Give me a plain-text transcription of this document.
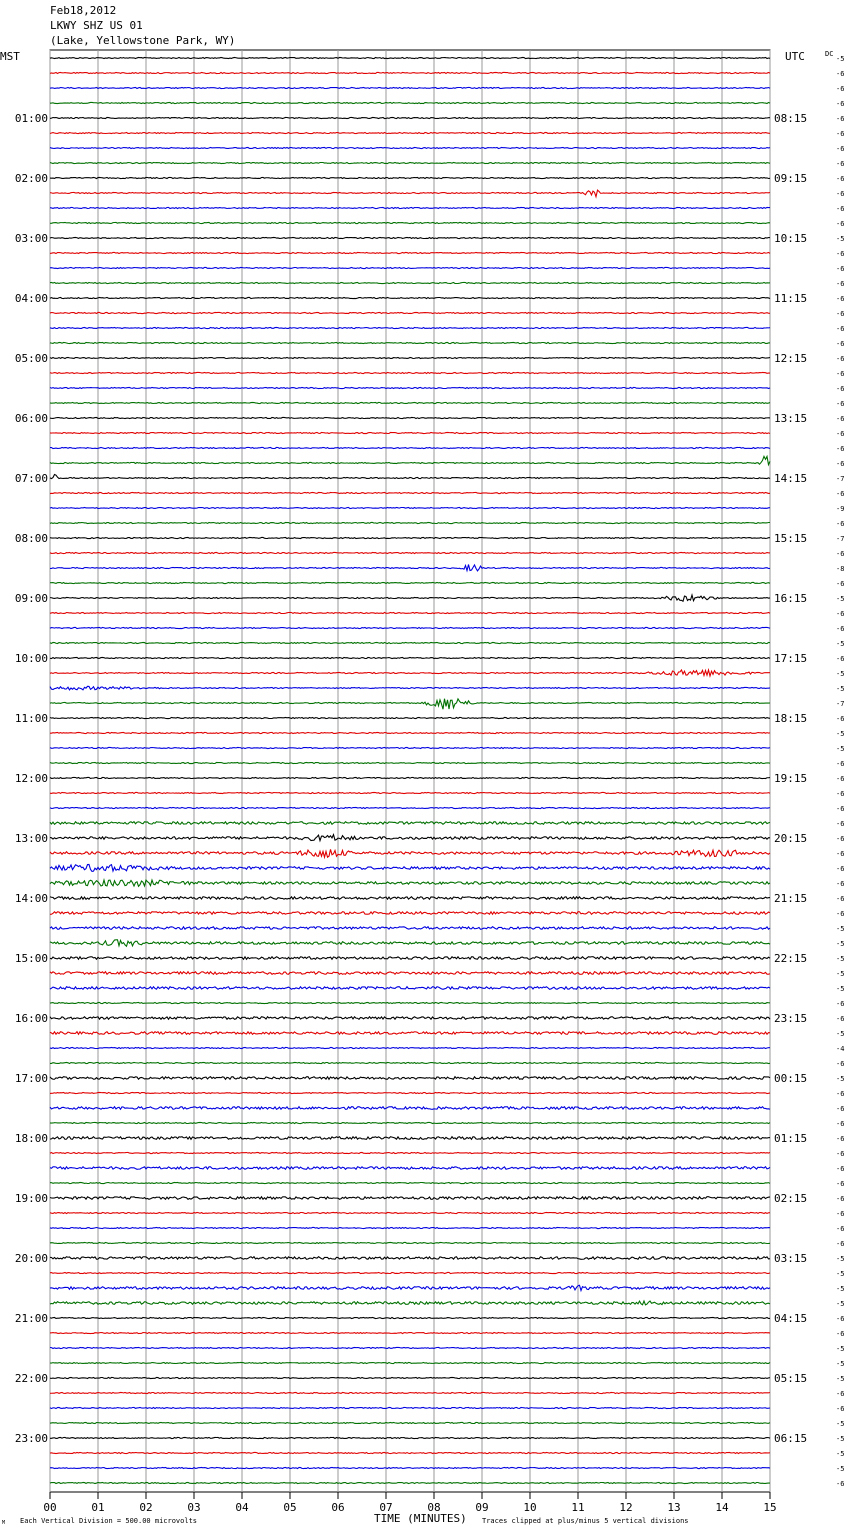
Feb18,2012
LKWY SHZ US 01
(Lake, Yellowstone Park, WY)
MST	UTC	DC
TIME (MINUTES)
Each Vertical Division = 500.00 microvolts	Traces clipped at plus/minus 5 vertical divisions
M
00	01	02	03	04	05	06	07	08	09	10	11	12	13	14	15
-5
-6
-6
-6
-6
-6
-6
-6
-6
-6
-6
-6
-5
-6
-6
-6
-6
-6
-6
-6
-6
-6
-6
-6
-6
-6
-6
-6
-7
-6
-9
-6
-7
-6
-8
-6
-5
-6
-6
-5
-6
-5
-5
-7
-6
-5
-5
-6
-6
-6
-6
-6
-6
-6
-6
-6
-6
-6
-5
-5
-5
-5
-5
-6
-6
-5
-4
-6
-5
-6
-6
-6
-6
-6
-6
-6
-6
-6
-6
-6
-5
-5
-5
-5
-6
-6
-5
-5
-5
-6
-6
-5
-5
-5
-5
-6
01:00
02:00
03:00
04:00
05:00
06:00
07:00
08:00
09:00
10:00
11:00
12:00
13:00
14:00
15:00
16:00
17:00
18:00
19:00
20:00
21:00
22:00
23:00
08:15
09:15
10:15
11:15
12:15
13:15
14:15
15:15
16:15
17:15
18:15
19:15
20:15
21:15
22:15
23:15
00:15
01:15
02:15
03:15
04:15
05:15
06:15
